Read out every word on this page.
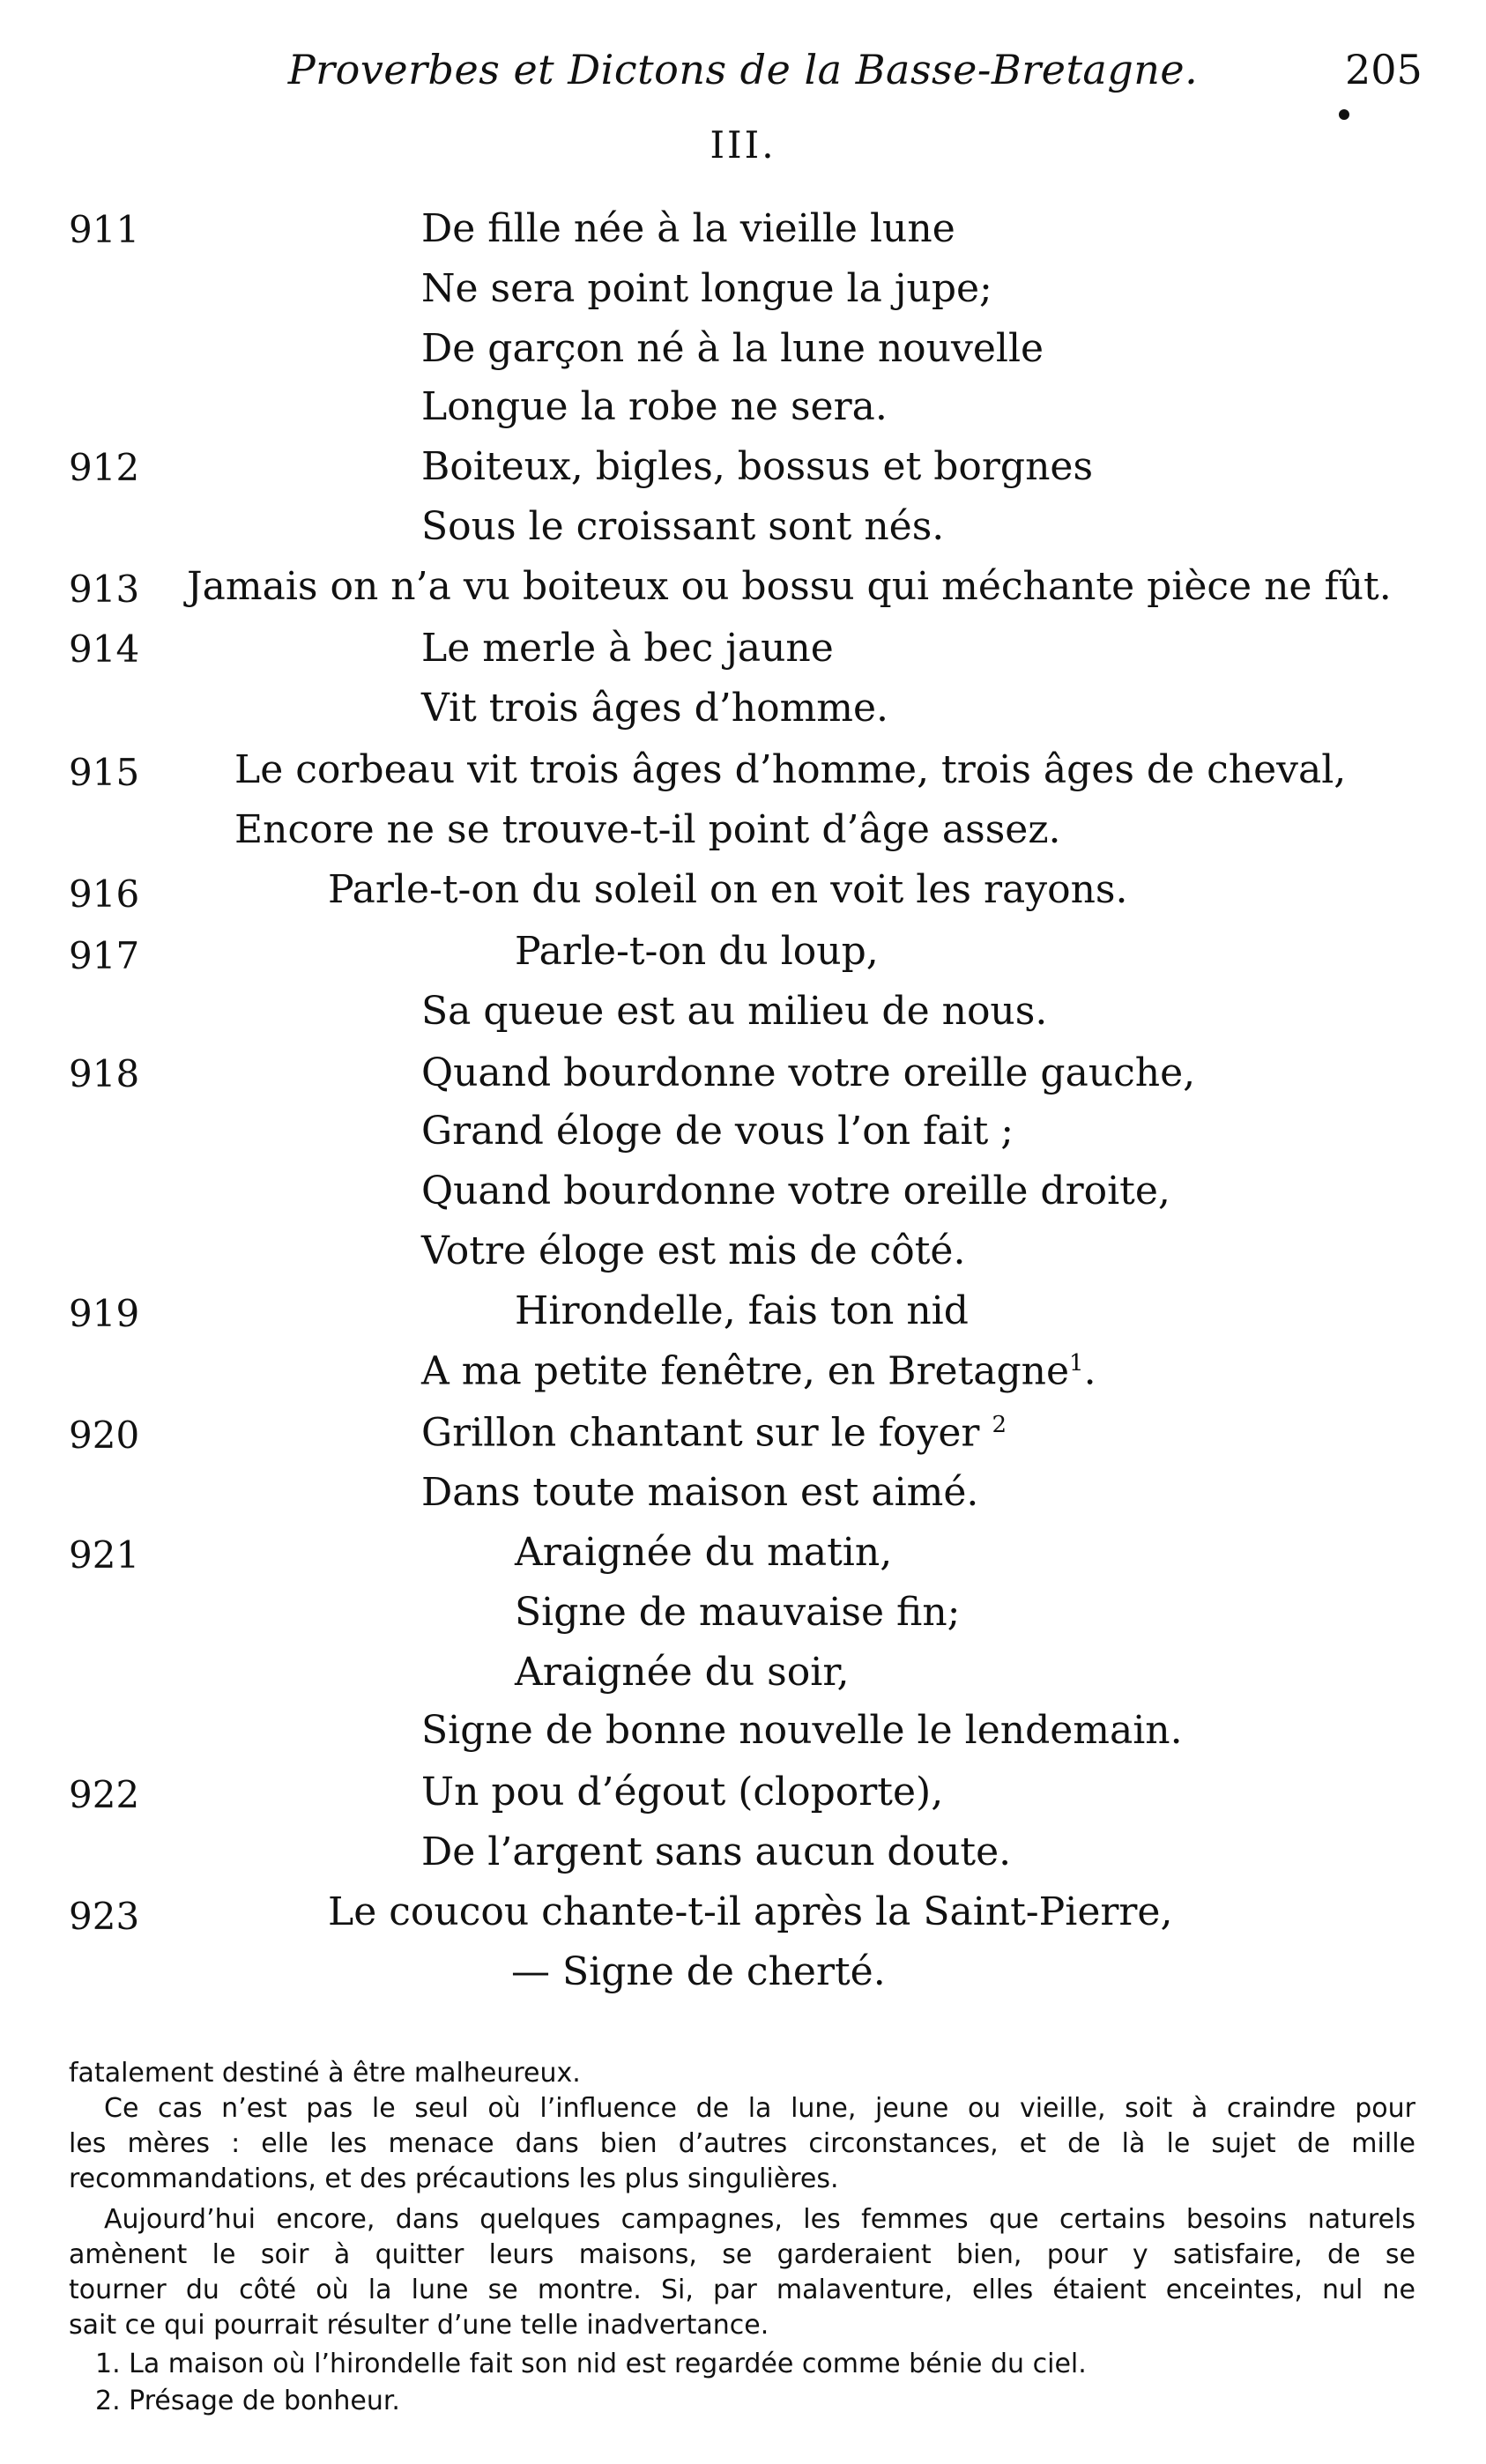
Proverbes et Dictons de la Basse-Bretagne.	205
III.
911	De fille née à la vieille lune
Ne sera point longue la jupe;
De garçon né à la lune nouvelle
Longue la robe ne sera.
912	Boiteux, bigles, bossus et borgnes
Sous le croissant sont nés.
913 Jamais on n’a vu boiteux ou bossu qui méchante pièce ne fût.
914	Le merle à bec jaune
Vit trois âges d’homme.
915 Le corbeau vit trois âges d’homme, trois âges de cheval,
Encore ne se trouve-t-il point d’âge assez.
916	Parle-t-on du soleil on en voit les rayons.
917	Parle-t-on du loup,
Sa queue est au milieu de nous.
918	Quand bourdonne votre oreille gauche,
Grand éloge de vous l’on fait ;
Quand bourdonne votre oreille droite,
Votre éloge est mis de côté.
919	Hirondelle, fais ton nid
A ma petite fenêtre, en Bretagne$^1$.
920	Grillon chantant sur le foyer $^2$
Dans toute maison est aimé.
921	Araignée du matin,
Signe de mauvaise fin;
Araignée du soir,
Signe de bonne nouvelle le lendemain.
922	Un pou d’égout (cloporte),
De l’argent sans aucun doute.
923	Le coucou chante-t-il après la Saint-Pierre,
— Signe de cherté.
fatalement destiné à être malheureux.
Ce cas n’est pas le seul où l’influence de la lune, jeune ou vieille, soit à craindre pour
les mères : elle les menace dans bien d’autres circonstances, et de là le sujet de mille
recommandations, et des précautions les plus singulières.
Aujourd’hui encore, dans quelques campagnes, les femmes que certains besoins naturels
amènent le soir à quitter leurs maisons, se garderaient bien, pour y satisfaire, de se
tourner du côté où la lune se montre. Si, par malaventure, elles étaient enceintes, nul ne
sait ce qui pourrait résulter d’une telle inadvertance.
1. La maison où l’hirondelle fait son nid est regardée comme bénie du ciel.
2. Présage de bonheur.
